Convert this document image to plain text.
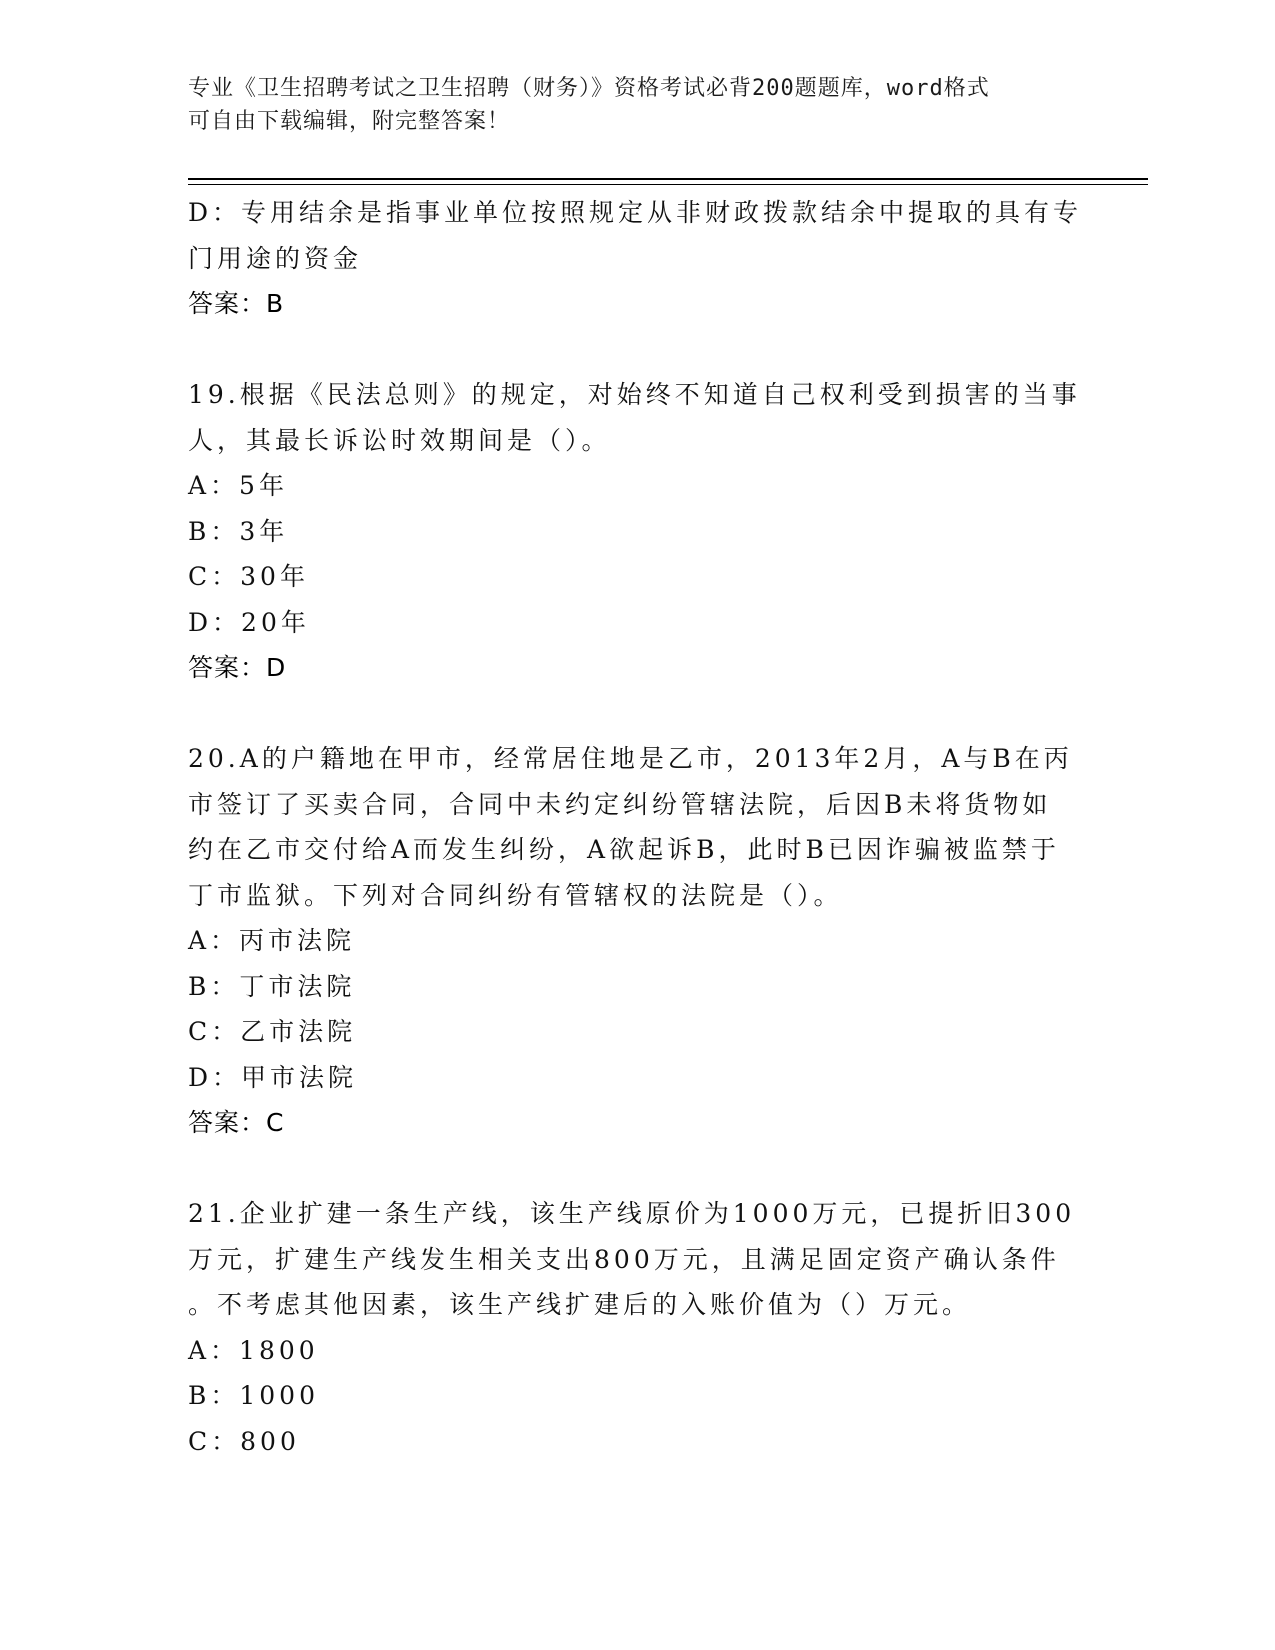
专业《卫生招聘考试之卫生招聘（财务）》资格考试必背200题题库，word格式
可自由下载编辑，附完整答案！
D：专用结余是指事业单位按照规定从非财政拨款结余中提取的具有专
门用途的资金
答案：B
19.根据《民法总则》的规定，对始终不知道自己权利受到损害的当事
人，其最长诉讼时效期间是（）。
A：5年
B：3年
C：30年
D：20年
答案：D
20.A的户籍地在甲市，经常居住地是乙市，2013年2月，A与B在丙
市签订了买卖合同，合同中未约定纠纷管辖法院，后因B未将货物如
约在乙市交付给A而发生纠纷，A欲起诉B，此时B已因诈骗被监禁于
丁市监狱。下列对合同纠纷有管辖权的法院是（）。
A：丙市法院
B：丁市法院
C：乙市法院
D：甲市法院
答案：C
21.企业扩建一条生产线，该生产线原价为1000万元，已提折旧300
万元，扩建生产线发生相关支出800万元，且满足固定资产确认条件
。不考虑其他因素，该生产线扩建后的入账价值为（）万元。
A：1800
B：1000
C：800
